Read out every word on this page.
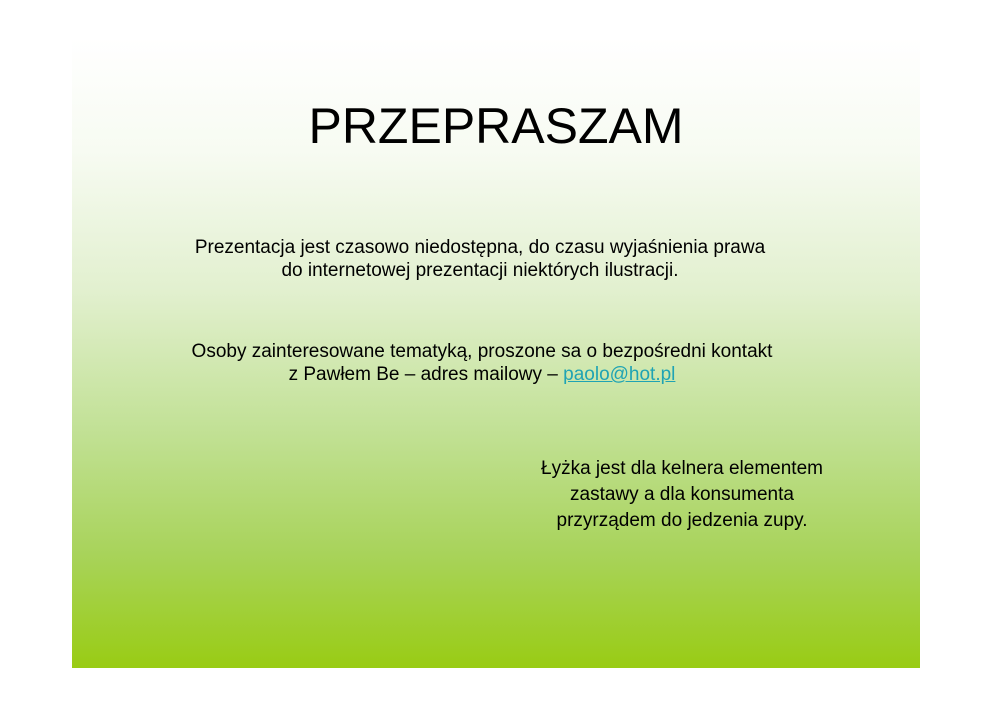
PRZEPRASZAM
Prezentacja jest czasowo niedostępna, do czasu wyjaśnienia prawa
do internetowej prezentacji niektórych ilustracji.
Osoby zainteresowane tematyką, proszone sa o bezpośredni kontakt
z Pawłem Be – adres mailowy – paolo@hot.pl
Łyżka jest dla kelnera elementem
zastawy a dla konsumenta
przyrządem do jedzenia zupy.
